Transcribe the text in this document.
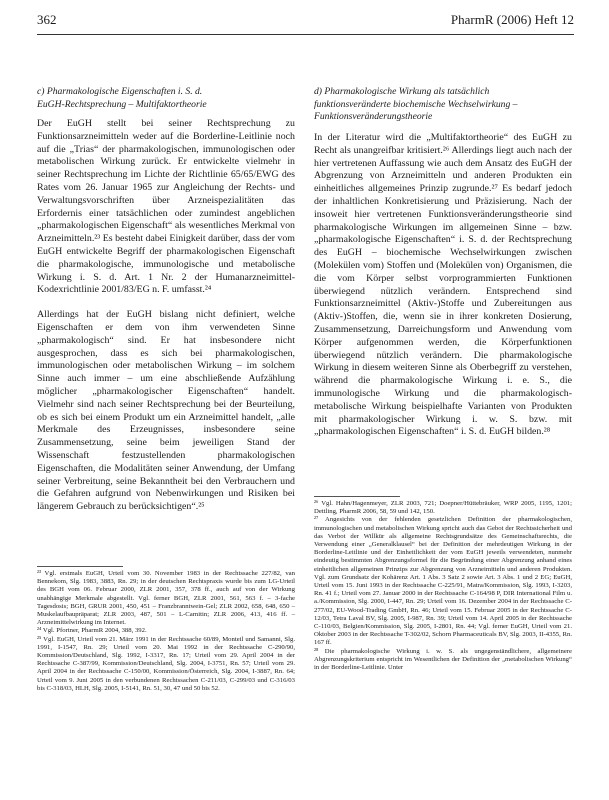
362	PharmR (2006) Heft 12
c) Pharmakologische Eigenschaften i. S. d.
EuGH-Rechtsprechung – Multifaktortheorie

Der EuGH stellt bei seiner Rechtsprechung zu Funktionsarzneimitteln weder auf die Borderline-Leitlinie noch auf die „Trias“ der pharmakologischen, immunologischen oder metabolischen Wirkung zurück. Er entwickelte vielmehr in seiner Rechtsprechung im Lichte der Richtlinie 65/65/EWG des Rates vom 26. Januar 1965 zur Angleichung der Rechts- und Verwaltungsvorschriften über Arzneispezialitäten das Erfordernis einer tatsächlichen oder zumindest angeblichen „pharmakologischen Eigenschaft“ als wesentliches Merkmal von Arzneimitteln.²³ Es besteht dabei Einigkeit darüber, dass der vom EuGH entwickelte Begriff der pharmakologischen Eigenschaft die pharmakologische, immunologische und metabolische Wirkung i. S. d. Art. 1 Nr. 2 der Humanarzneimittel-Kodexrichtlinie 2001/83/EG n. F. umfasst.²⁴

Allerdings hat der EuGH bislang nicht definiert, welche Eigenschaften er dem von ihm verwendeten Sinne „pharmakologisch“ sind. Er hat insbesondere nicht ausgesprochen, dass es sich bei pharmakologischen, immunologischen oder metabolischen Wirkung – im solchem Sinne auch immer – um eine abschließende Aufzählung möglicher „pharmakologischer Eigenschaften“ handelt. Vielmehr sind nach seiner Rechtsprechung bei der Beurteilung, ob es sich bei einem Produkt um ein Arzneimittel handelt, „alle Merkmale des Erzeugnisses, insbesondere seine Zusammensetzung, seine beim jeweiligen Stand der Wissenschaft festzustellenden pharmakologischen Eigenschaften, die Modalitäten seiner Anwendung, der Umfang seiner Verbreitung, seine Bekanntheit bei den Verbrauchern und die Gefahren aufgrund von Nebenwirkungen und Risiken bei längerem Gebrauch zu berücksichtigen“.²⁵

²³ Vgl. erstmals EuGH, Urteil vom 30. November 1983 in der Rechtssache 227/82, van Bennekom, Slg. 1983, 3883, Rn. 29; in der deutschen Rechtspraxis wurde bis zum LG-Urteil des BGH vom 06. Februar 2000, ZLR 2001, 357, 378 ff., auch auf von der Wirkung unabhängige Merkmale abgestellt. Vgl. ferner BGH, ZLR 2001, 561, 563 f. – 3-fache Tagesdosis; BGH, GRUR 2001, 450, 451 – Franzbranntwein-Gel; ZLR 2002, 658, 648, 650 – Muskelaufbaupräparat; ZLR 2003, 487, 501 – L-Carnitin; ZLR 2006, 413, 416 ff. – Arzneimittelwirkung im Internet.

²⁴ Vgl. Pfortner, PharmR 2004, 388, 392.

²⁵ Vgl. EuGH, Urteil vom 21. März 1991 in der Rechtssache 60/89, Monteil und Samanni, Slg. 1991, I-1547, Rn. 29; Urteil vom 20. Mai 1992 in der Rechtssache C-290/90, Kommission/Deutschland, Slg. 1992, I-3317, Rn. 17; Urteil vom 29. April 2004 in der Rechtssache C-387/99, Kommission/Deutschland, Slg. 2004, I-3751, Rn. 57; Urteil vom 29. April 2004 in der Rechtssache C-150/00, Kommission/Österreich, Slg. 2004, I-3887, Rn. 64; Urteil vom 9. Juni 2005 in den verbundenen Rechtssachen C-211/03, C-299/03 und C-316/03 bis C-318/03, HLH, Slg. 2005, I-5141, Rn. 51, 30, 47 und 50 bis 52.

d) Pharmakologische Wirkung als tatsächlich
funktionsveränderte biochemische Wechselwirkung –
Funktionsveränderungstheorie

In der Literatur wird die „Multifaktortheorie“ des EuGH zu Recht als unangreifbar kritisiert.²⁶ Allerdings liegt auch nach der hier vertretenen Auffassung wie auch dem Ansatz des EuGH der Abgrenzung von Arzneimitteln und anderen Produkten ein einheitliches allgemeines Prinzip zugrunde.²⁷ Es bedarf jedoch der inhaltlichen Konkretisierung und Präzisierung. Nach der insoweit hier vertretenen Funktionsveränderungstheorie sind pharmakologische Wirkungen im allgemeinen Sinne – bzw. „pharmakologische Eigenschaften“ i. S. d. der Rechtsprechung des EuGH – biochemische Wechselwirkungen zwischen (Molekülen vom) Stoffen und (Molekülen von) Organismen, die die vom Körper selbst vorprogrammierten Funktionen überwiegend nützlich verändern. Entsprechend sind Funktionsarzneimittel (Aktiv-)Stoffe und Zubereitungen aus (Aktiv-)Stoffen, die, wenn sie in ihrer konkreten Dosierung, Zusammensetzung, Darreichungsform und Anwendung vom Körper aufgenommen werden, die Körperfunktionen überwiegend nützlich verändern. Die pharmakologische Wirkung in diesem weiteren Sinne als Oberbegriff zu verstehen, während die pharmakologische Wirkung i. e. S., die immunologische Wirkung und die pharmakologisch-metabolische Wirkung beispielhafte Varianten von Produkten mit pharmakologischer Wirkung i. w. S. bzw. mit „pharmakologischen Eigenschaften“ i. S. d. EuGH bilden.²⁸

²⁶ Vgl. Hahn/Hagenmeyer, ZLR 2003, 721; Doepner/Hüttebräuker, WRP 2005, 1195, 1201; Dettling, PharmR 2006, 58, 59 und 142, 150.

²⁷ Angesichts von der fehlenden gesetzlichen Definition der pharmakologischen, immunologischen und metabolischen Wirkung spricht auch das Gebot der Rechtssicherheit und das Verbot der Willkür als allgemeine Rechtsgrundsätze des Gemeinschaftsrechts, die Verwendung einer „Generalklausel“ bei der Definition der mehrdeutigen Wirkung in der Borderline-Leitlinie und der Einheitlichkeit der vom EuGH jeweils verwendeten, nunmehr eindeutig bestimmten Abgrenzungsformel für die Begründung einer Abgrenzung anhand eines einheitlichen allgemeinen Prinzips zur Abgrenzung von Arzneimitteln und anderen Produkten. Vgl. zum Grundsatz der Kohärenz Art. 1 Abs. 3 Satz 2 sowie Art. 3 Abs. 1 und 2 EG; EuGH, Urteil vom 15. Juni 1993 in der Rechtssache C-225/91, Matra/Kommission, Slg. 1993, I-3203, Rn. 41 f.; Urteil vom 27. Januar 2000 in der Rechtssache C-164/98 P, DIR International Film u. a./Kommission, Slg. 2000, I-447, Rn. 29; Urteil vom 16. Dezember 2004 in der Rechtssache C-277/02, EU-Wood-Trading GmbH, Rn. 46; Urteil vom 15. Februar 2005 in der Rechtssache C-12/03, Tetra Laval BV, Slg. 2005, I-987, Rn. 39; Urteil vom 14. April 2005 in der Rechtssache C-110/03, Belgien/Kommission, Slg. 2005, I-2801, Rn. 44; Vgl. ferner EuGH, Urteil vom 21. Oktober 2003 in der Rechtssache T-302/02, Schorn Pharmaceuticals BV, Slg. 2003, II-4355, Rn. 167 ff.

²⁸ Die pharmakologische Wirkung i. w. S. als ungegenständlichere, allgemeinere Abgrenzungskriterium entspricht im Wesentlichen der Definition der „metabolischen Wirkung“ in der Borderline-Leitlinie. Unter
